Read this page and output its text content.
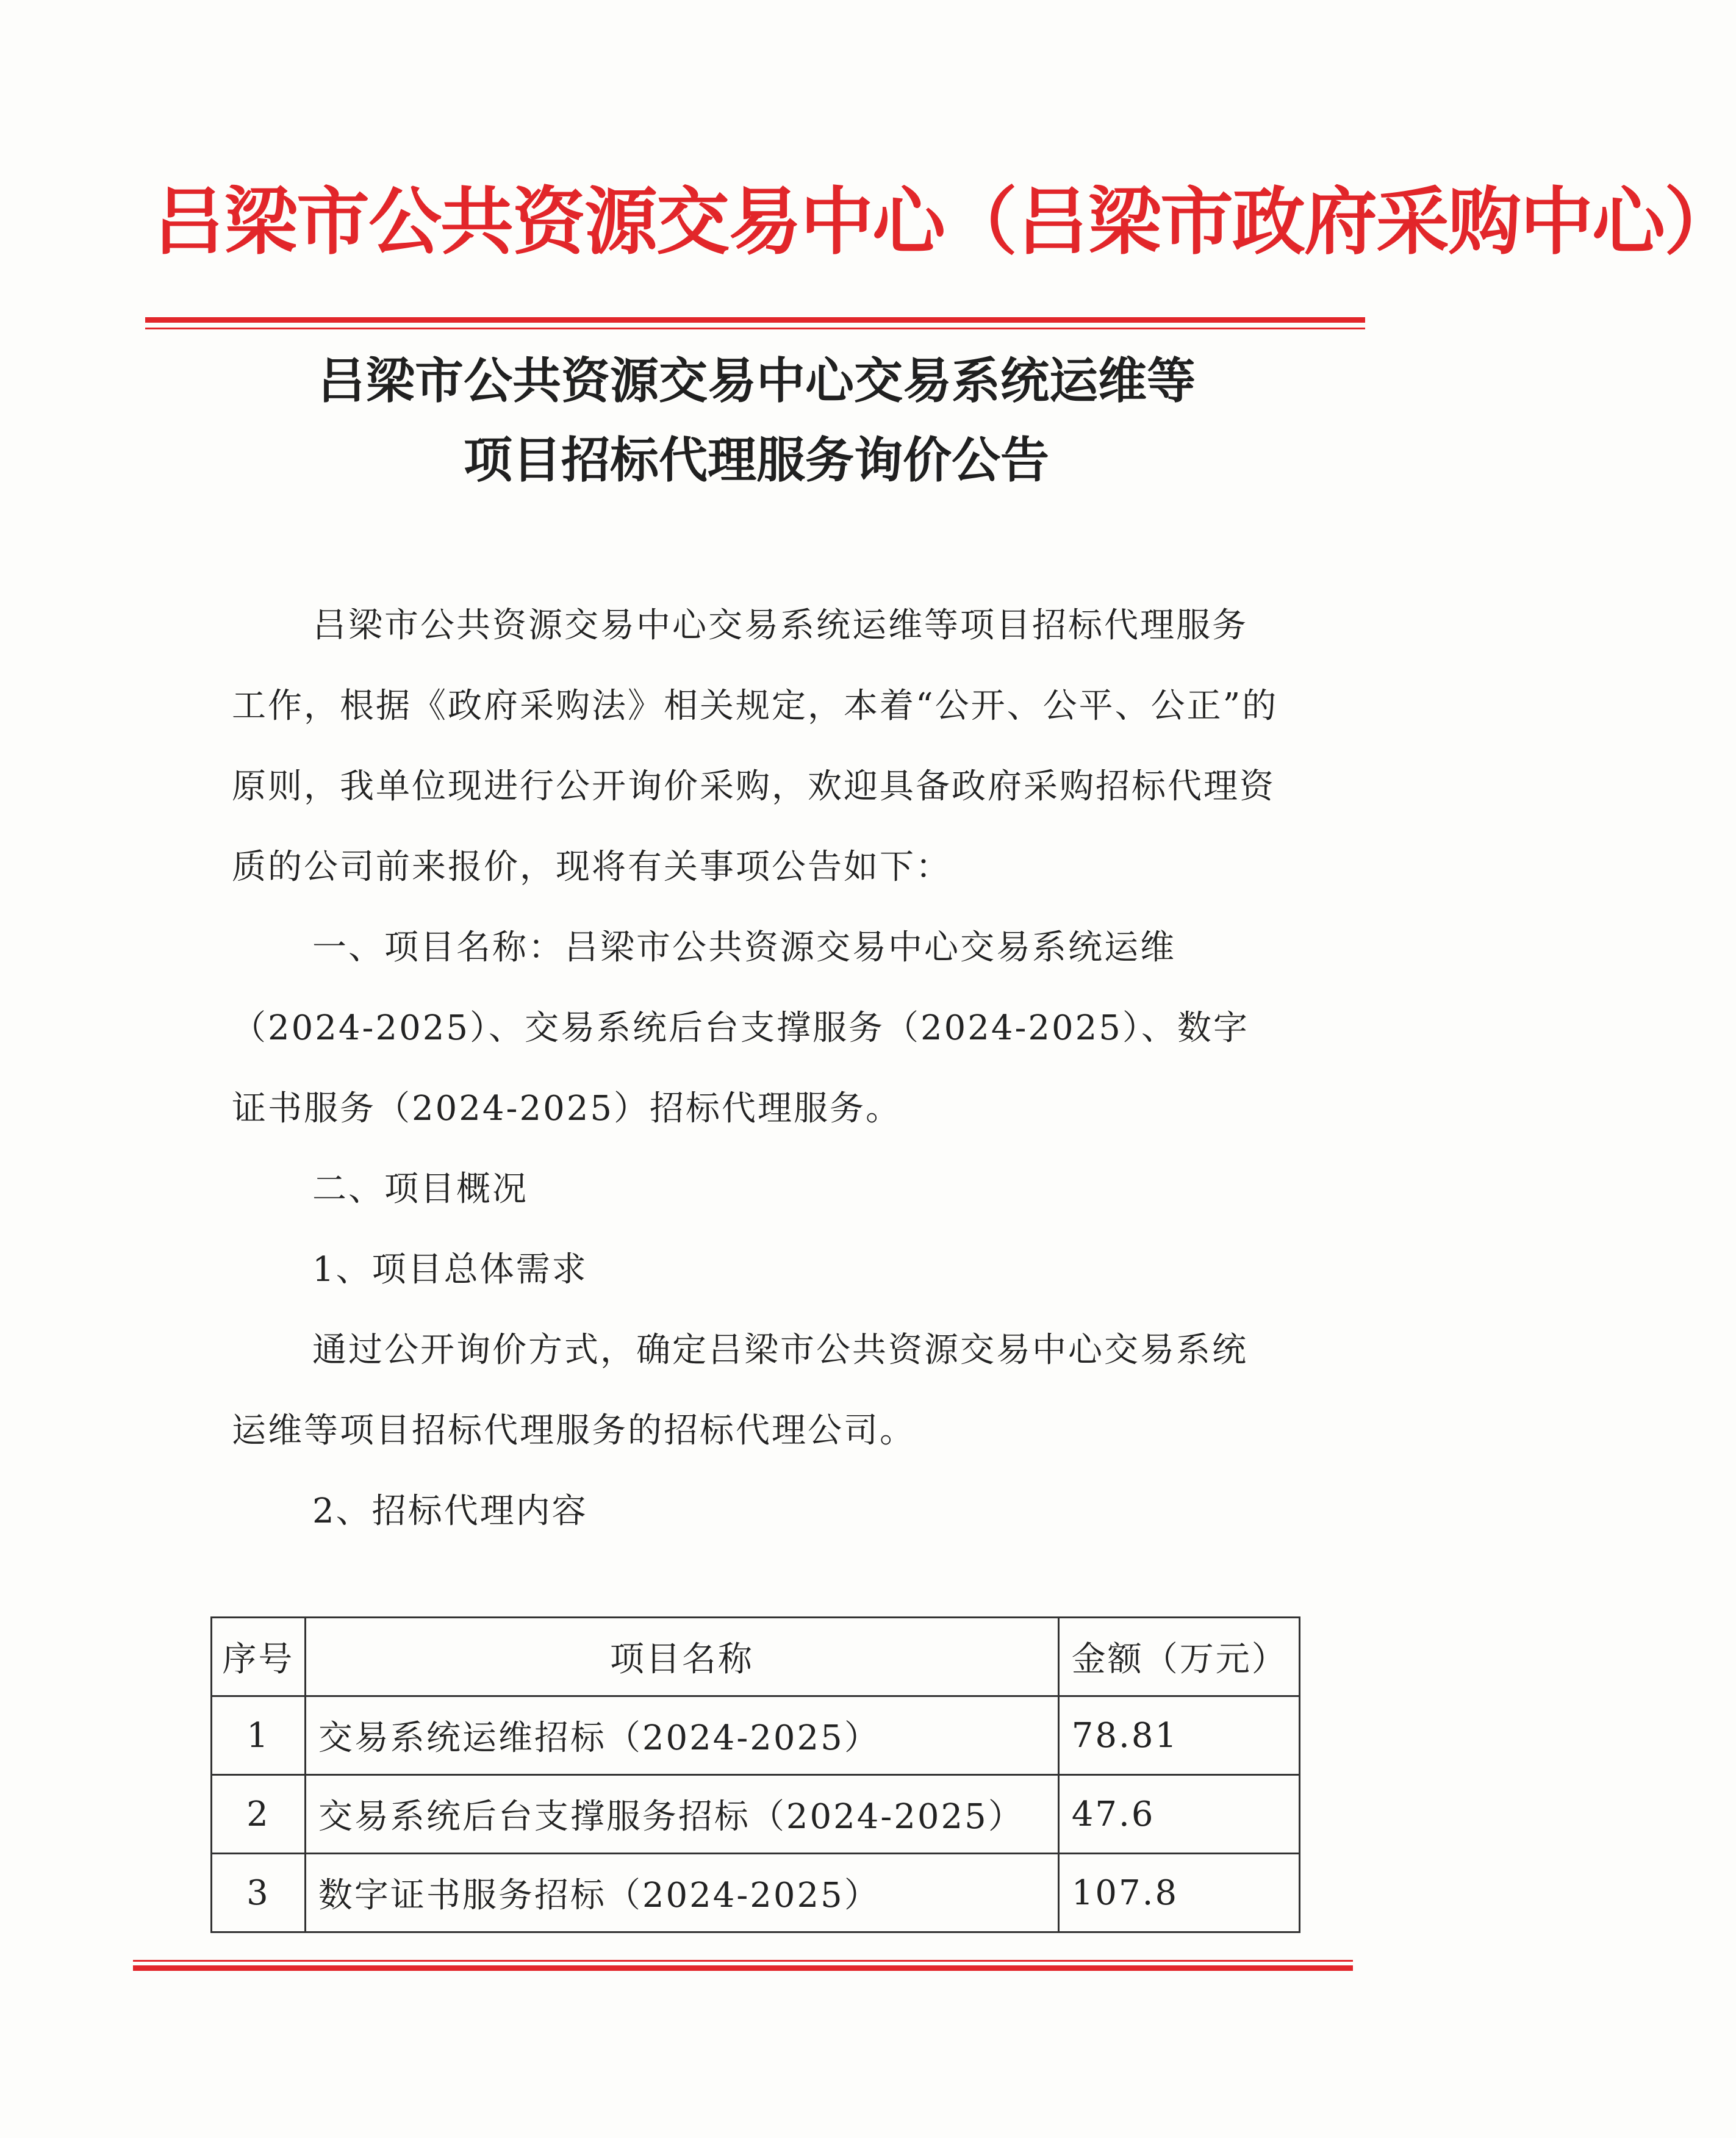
吕梁市公共资源交易中心（吕梁市政府采购中心）
吕梁市公共资源交易中心交易系统运维等
项目招标代理服务询价公告

吕梁市公共资源交易中心交易系统运维等项目招标代理服务工作，根据《政府采购法》相关规定，本着“公开、公平、公正”的原则，我单位现进行公开询价采购，欢迎具备政府采购招标代理资质的公司前来报价，现将有关事项公告如下：

一、项目名称：吕梁市公共资源交易中心交易系统运维（2024-2025）、交易系统后台支撑服务（2024-2025）、数字证书服务（2024-2025）招标代理服务。

二、项目概况

1、项目总体需求

通过公开询价方式，确定吕梁市公共资源交易中心交易系统运维等项目招标代理服务的招标代理公司。

2、招标代理内容

序号	项目名称	金额（万元）
1	交易系统运维招标（2024-2025）	78.81
2	交易系统后台支撑服务招标（2024-2025）	47.6
3	数字证书服务招标（2024-2025）	107.8
